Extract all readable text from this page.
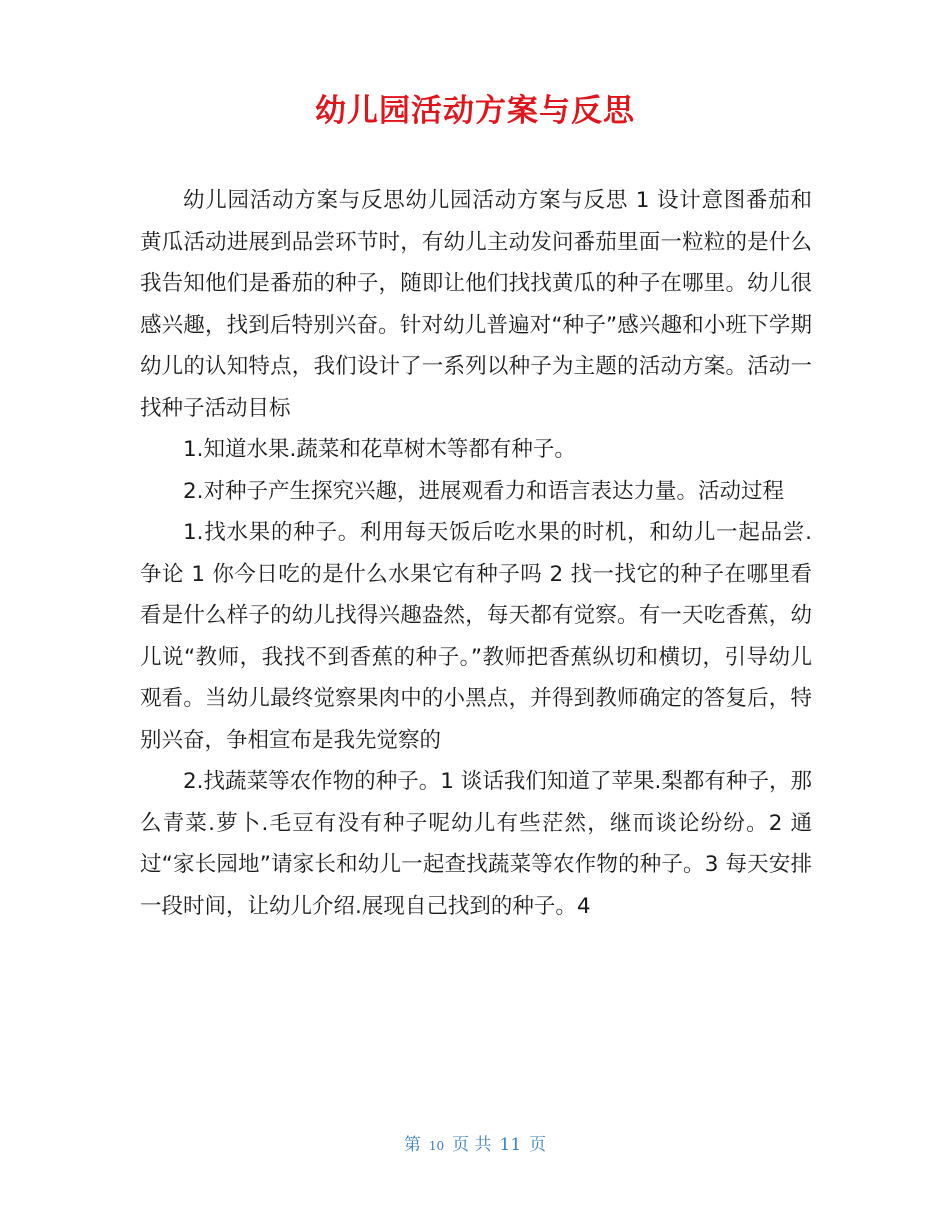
幼儿园活动方案与反思

幼儿园活动方案与反思幼儿园活动方案与反思 1 设计意图番茄和黄瓜活动进展到品尝环节时，有幼儿主动发问番茄里面一粒粒的是什么我告知他们是番茄的种子，随即让他们找找黄瓜的种子在哪里。幼儿很感兴趣，找到后特别兴奋。针对幼儿普遍对“种子”感兴趣和小班下学期幼儿的认知特点，我们设计了一系列以种子为主题的活动方案。活动一找种子活动目标

1.知道水果.蔬菜和花草树木等都有种子。

2.对种子产生探究兴趣，进展观看力和语言表达力量。活动过程

1.找水果的种子。利用每天饭后吃水果的时机，和幼儿一起品尝.争论 1 你今日吃的是什么水果它有种子吗 2 找一找它的种子在哪里看看是什么样子的幼儿找得兴趣盎然，每天都有觉察。有一天吃香蕉，幼儿说“教师，我找不到香蕉的种子。”教师把香蕉纵切和横切，引导幼儿观看。当幼儿最终觉察果肉中的小黑点，并得到教师确定的答复后，特别兴奋，争相宣布是我先觉察的

2.找蔬菜等农作物的种子。1 谈话我们知道了苹果.梨都有种子，那么青菜.萝卜.毛豆有没有种子呢幼儿有些茫然，继而谈论纷纷。2 通过“家长园地”请家长和幼儿一起查找蔬菜等农作物的种子。3 每天安排一段时间，让幼儿介绍.展现自己找到的种子。4

第 10 页 共 11 页
